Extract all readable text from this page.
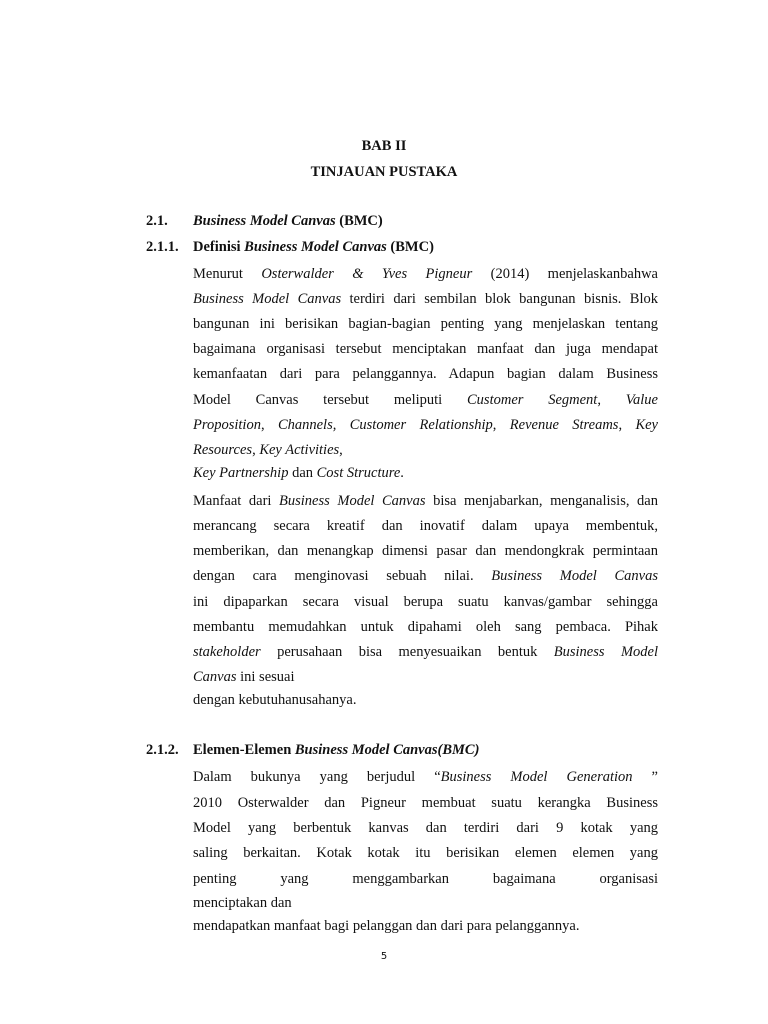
BAB II
TINJAUAN PUSTAKA
2.1. Business Model Canvas (BMC)
2.1.1. Definisi Business Model Canvas (BMC)
Menurut Osterwalder & Yves Pigneur (2014) menjelaskanbahwa
Business Model Canvas terdiri dari sembilan blok bangunan bisnis. Blok
bangunan ini berisikan bagian-bagian penting yang menjelaskan tentang
bagaimana organisasi tersebut menciptakan manfaat dan juga mendapat
kemanfaatan dari para pelanggannya. Adapun bagian dalam Business
Model Canvas tersebut meliputi Customer Segment, Value
Proposition, Channels, Customer Relationship, Revenue Streams, Key
Resources, Key Activities,
Key Partnership dan Cost Structure.
Manfaat dari Business Model Canvas bisa menjabarkan, menganalisis, dan
merancang secara kreatif dan inovatif dalam upaya membentuk,
memberikan, dan menangkap dimensi pasar dan mendongkrak permintaan
dengan cara menginovasi sebuah nilai. Business Model Canvas
ini dipaparkan secara visual berupa suatu kanvas/gambar sehingga
membantu memudahkan untuk dipahami oleh sang pembaca. Pihak
stakeholder perusahaan bisa menyesuaikan bentuk Business Model
Canvas ini sesuai
dengan kebutuhanusahanya.
2.1.2. Elemen-Elemen Business Model Canvas(BMC)
Dalam bukunya yang berjudul “Business Model Generation ”
2010 Osterwalder dan Pigneur membuat suatu kerangka Business
Model yang berbentuk kanvas dan terdiri dari 9 kotak yang
saling berkaitan. Kotak kotak itu berisikan elemen elemen yang
penting yang menggambarkan bagaimana organisasi
menciptakan dan
mendapatkan manfaat bagi pelanggan dan dari para pelanggannya.
5
